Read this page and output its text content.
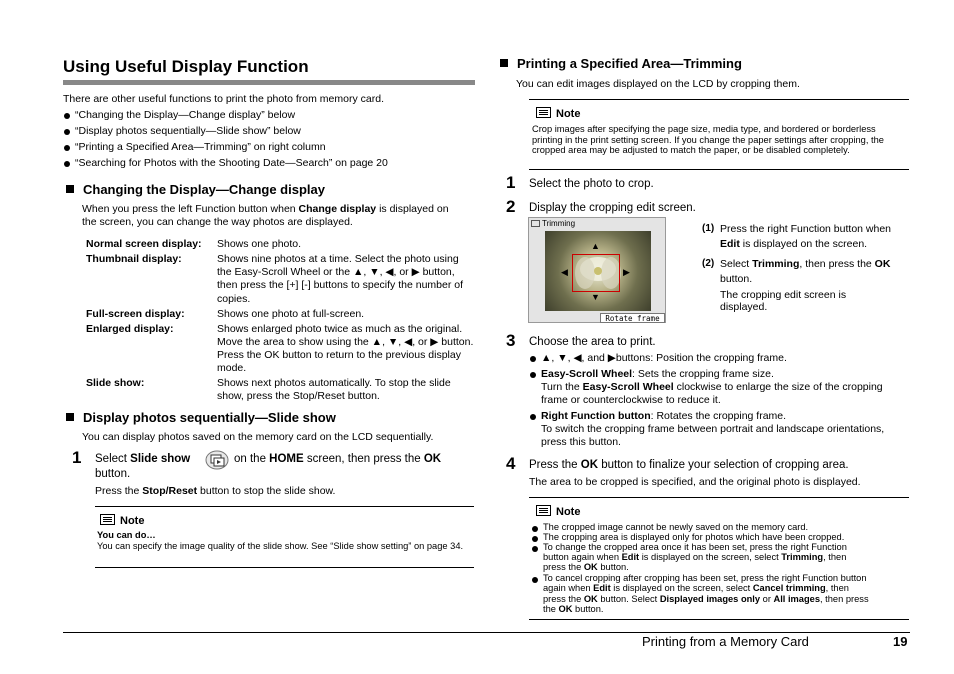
Using Useful Display Function
There are other useful functions to print the photo from memory card.
“Changing the Display—Change display” below
“Display photos sequentially—Slide show” below
“Printing a Specified Area—Trimming” on right column
“Searching for Photos with the Shooting Date—Search” on page 20
Changing the Display—Change display
When you press the left Function button when Change display is displayed on
the screen, you can change the way photos are displayed.
Normal screen display:	Shows one photo.
Thumbnail display:	Shows nine photos at a time. Select the photo using the Easy-Scroll Wheel or the ▲, ▼, ◀, or ▶ button, then press the [+] [-] buttons to specify the number of copies.
Full-screen display:	Shows one photo at full-screen.
Enlarged display:	Shows enlarged photo twice as much as the original. Move the area to show using the ▲, ▼, ◀, or ▶ button. Press the OK button to return to the previous display mode.
Slide show:	Shows next photos automatically. To stop the slide show, press the Stop/Reset button.
Display photos sequentially—Slide show
You can display photos saved on the memory card on the LCD sequentially.
1 Select Slide show	on the HOME screen, then press the OK
button.
Press the Stop/Reset button to stop the slide show.
Note
You can do…
You can specify the image quality of the slide show. See “Slide show setting” on page 34.
Printing a Specified Area—Trimming
You can edit images displayed on the LCD by cropping them.
Note
Crop images after specifying the page size, media type, and bordered or borderless printing in the print setting screen. If you change the paper settings after cropping, the cropped area may be adjusted to match the paper, or be disabled completely.
1 Select the photo to crop.
2 Display the cropping edit screen.
Trimming
▲
▼
◀	▶
Rotate frame
(1) Press the right Function button when
Edit is displayed on the screen.
(2) Select Trimming, then press the OK
button.
The cropping edit screen is
displayed.
3 Choose the area to print.
▲, ▼, ◀, and ▶buttons: Position the cropping frame.
Easy-Scroll Wheel: Sets the cropping frame size.
Turn the Easy-Scroll Wheel clockwise to enlarge the size of the cropping
frame or counterclockwise to reduce it.
Right Function button: Rotates the cropping frame.
To switch the cropping frame between portrait and landscape orientations,
press this button.
4 Press the OK button to finalize your selection of cropping area.
The area to be cropped is specified, and the original photo is displayed.
Note
The cropped image cannot be newly saved on the memory card.
The cropping area is displayed only for photos which have been cropped.
To change the cropped area once it has been set, press the right Function
button again when Edit is displayed on the screen, select Trimming, then
press the OK button.
To cancel cropping after cropping has been set, press the right Function button
again when Edit is displayed on the screen, select Cancel trimming, then
press the OK button. Select Displayed images only or All images, then press
the OK button.
Printing from a Memory Card	19
